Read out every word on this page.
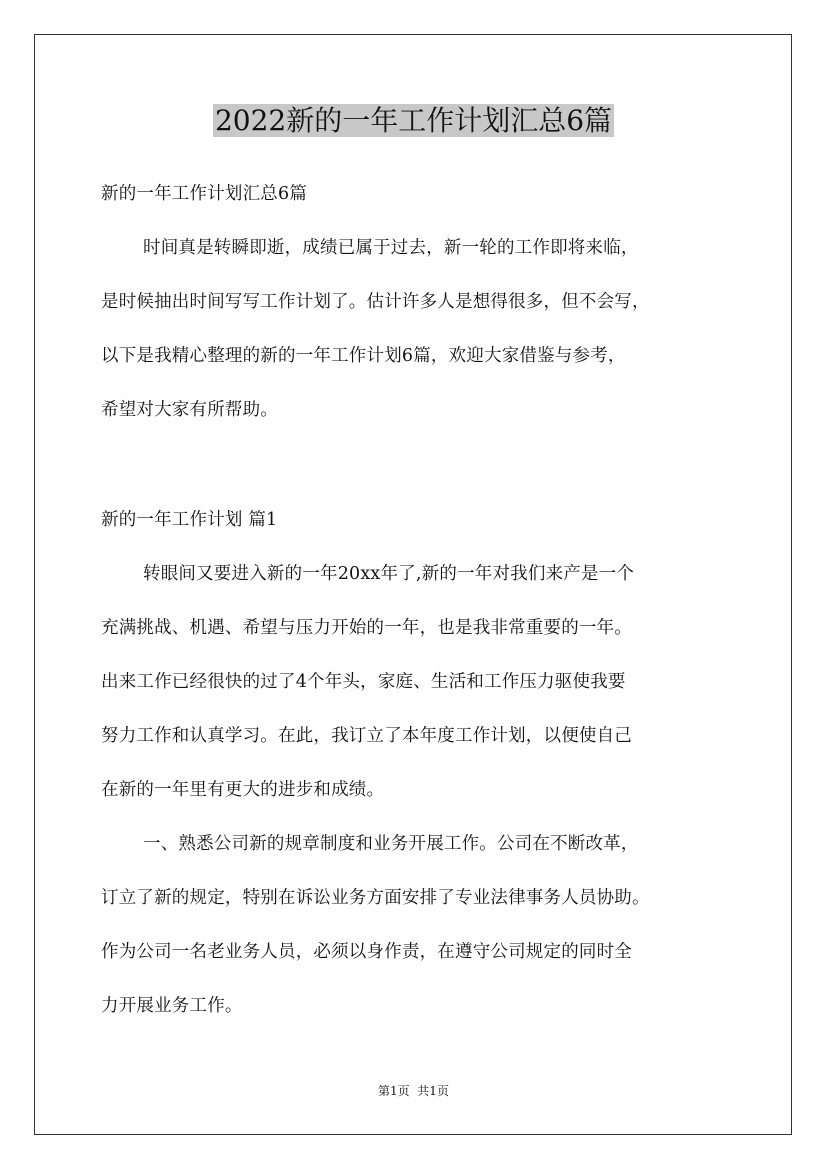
2022新的一年工作计划汇总6篇

新的一年工作计划汇总6篇

时间真是转瞬即逝，成绩已属于过去，新一轮的工作即将来临，

是时候抽出时间写写工作计划了。估计许多人是想得很多，但不会写，

以下是我精心整理的新的一年工作计划6篇，欢迎大家借鉴与参考，

希望对大家有所帮助。

新的一年工作计划 篇1

转眼间又要进入新的一年20xx年了,新的一年对我们来产是一个

充满挑战、机遇、希望与压力开始的一年，也是我非常重要的一年。

出来工作已经很快的过了4个年头，家庭、生活和工作压力驱使我要

努力工作和认真学习。在此，我订立了本年度工作计划，以便使自己

在新的一年里有更大的进步和成绩。

一、熟悉公司新的规章制度和业务开展工作。公司在不断改革，

订立了新的规定，特别在诉讼业务方面安排了专业法律事务人员协助。

作为公司一名老业务人员，必须以身作责，在遵守公司规定的同时全

力开展业务工作。

第1页  共1页
